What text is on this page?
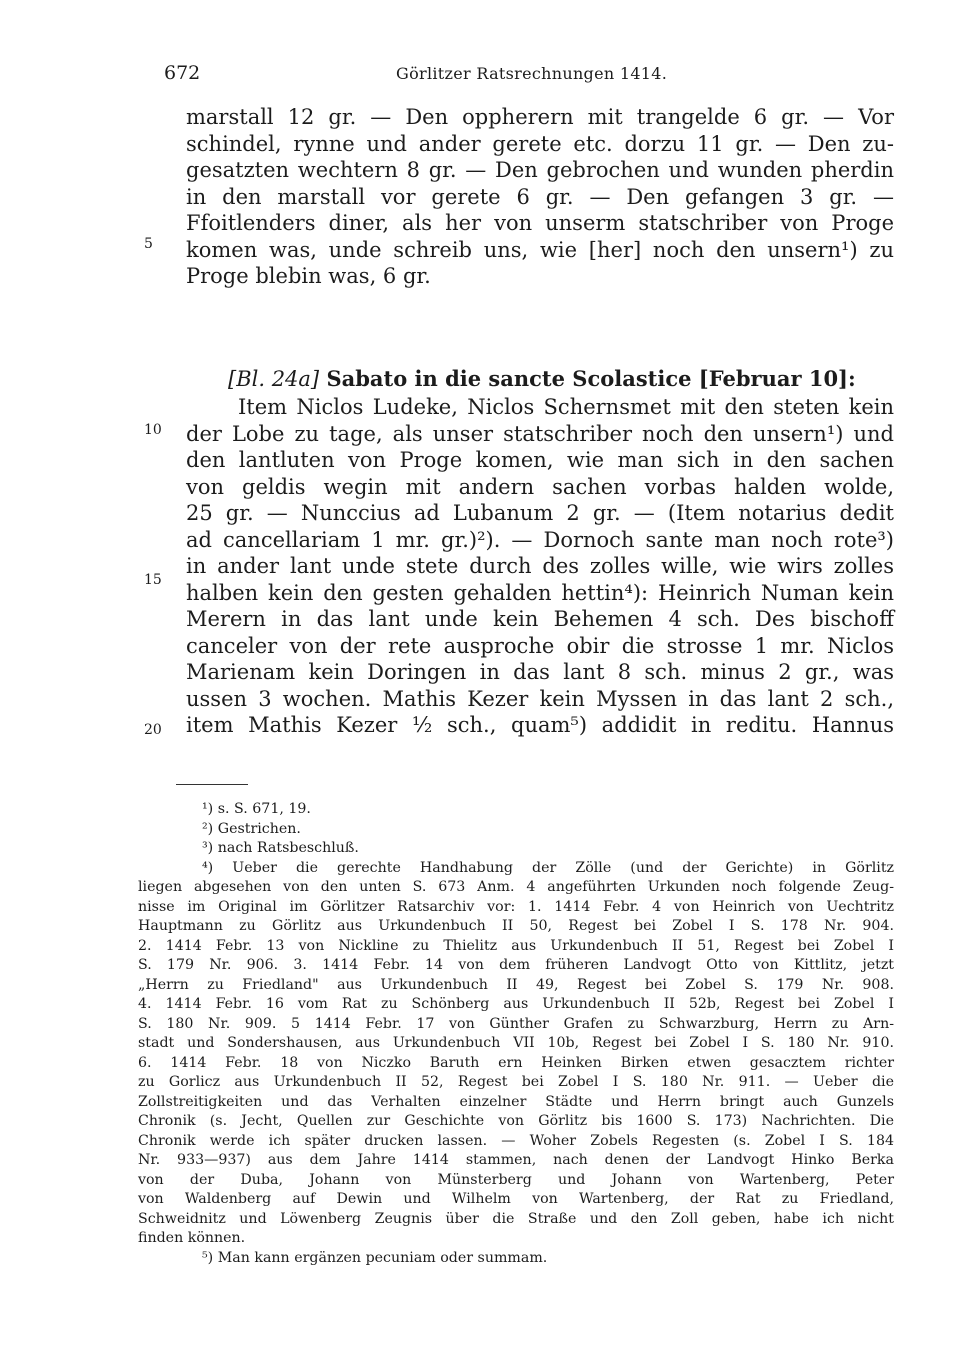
672	Görlitzer Ratsrechnungen 1414.
marstall 12 gr. — Den oppherern mit trangelde 6 gr. — Vor
schindel, rynne und ander gerete etc. dorzu 11 gr. — Den zu-
gesatzten wechtern 8 gr. — Den gebrochen und wunden pherdin
in den marstall vor gerete 6 gr. — Den gefangen 3 gr. —
Ffoitlenders diner, als her von unserm statschriber von Proge
komen was, unde schreib uns, wie [her] noch den unsern¹) zu
Proge blebin was, 6 gr.
[Bl. 24a] Sabato in die sancte Scolastice [Februar 10]:
Item Niclos Ludeke, Niclos Schernsmet mit den steten kein
der Lobe zu tage, als unser statschriber noch den unsern¹) und
den lantluten von Proge komen, wie man sich in den sachen
von geldis wegin mit andern sachen vorbas halden wolde,
25 gr. — Nunccius ad Lubanum 2 gr. — (Item notarius dedit
ad cancellariam 1 mr. gr.)²). — Dornoch sante man noch rote³)
in ander lant unde stete durch des zolles wille, wie wirs zolles
halben kein den gesten gehalden hettin⁴): Heinrich Numan kein
Merern in das lant unde kein Behemen 4 sch. Des bischoff
canceler von der rete ausproche obir die strosse 1 mr. Niclos
Marienam kein Doringen in das lant 8 sch. minus 2 gr., was
ussen 3 wochen. Mathis Kezer kein Myssen in das lant 2 sch.,
item Mathis Kezer ½ sch., quam⁵) addidit in reditu. Hannus
5
10
15
20
¹) s. S. 671, 19.
²) Gestrichen.
³) nach Ratsbeschluß.
⁴) Ueber die gerechte Handhabung der Zölle (und der Gerichte) in Görlitz
liegen abgesehen von den unten S. 673 Anm. 4 angeführten Urkunden noch folgende Zeug-
nisse im Original im Görlitzer Ratsarchiv vor: 1. 1414 Febr. 4 von Heinrich von Uechtritz
Hauptmann zu Görlitz aus Urkundenbuch II 50, Regest bei Zobel I S. 178 Nr. 904.
2. 1414 Febr. 13 von Nickline zu Thielitz aus Urkundenbuch II 51, Regest bei Zobel I
S. 179 Nr. 906. 3. 1414 Febr. 14 von dem früheren Landvogt Otto von Kittlitz, jetzt
„Herrn zu Friedland" aus Urkundenbuch II 49, Regest bei Zobel S. 179 Nr. 908.
4. 1414 Febr. 16 vom Rat zu Schönberg aus Urkundenbuch II 52b, Regest bei Zobel I
S. 180 Nr. 909. 5 1414 Febr. 17 von Günther Grafen zu Schwarzburg, Herrn zu Arn-
stadt und Sondershausen, aus Urkundenbuch VII 10b, Regest bei Zobel I S. 180 Nr. 910.
6. 1414 Febr. 18 von Niczko Baruth ern Heinken Birken etwen gesacztem richter
zu Gorlicz aus Urkundenbuch II 52, Regest bei Zobel I S. 180 Nr. 911. — Ueber die
Zollstreitigkeiten und das Verhalten einzelner Städte und Herrn bringt auch Gunzels
Chronik (s. Jecht, Quellen zur Geschichte von Görlitz bis 1600 S. 173) Nachrichten. Die
Chronik werde ich später drucken lassen. — Woher Zobels Regesten (s. Zobel I S. 184
Nr. 933—937) aus dem Jahre 1414 stammen, nach denen der Landvogt Hinko Berka
von der Duba, Johann von Münsterberg und Johann von Wartenberg, Peter
von Waldenberg auf Dewin und Wilhelm von Wartenberg, der Rat zu Friedland,
Schweidnitz und Löwenberg Zeugnis über die Straße und den Zoll geben, habe ich nicht
finden können.
⁵) Man kann ergänzen pecuniam oder summam.
